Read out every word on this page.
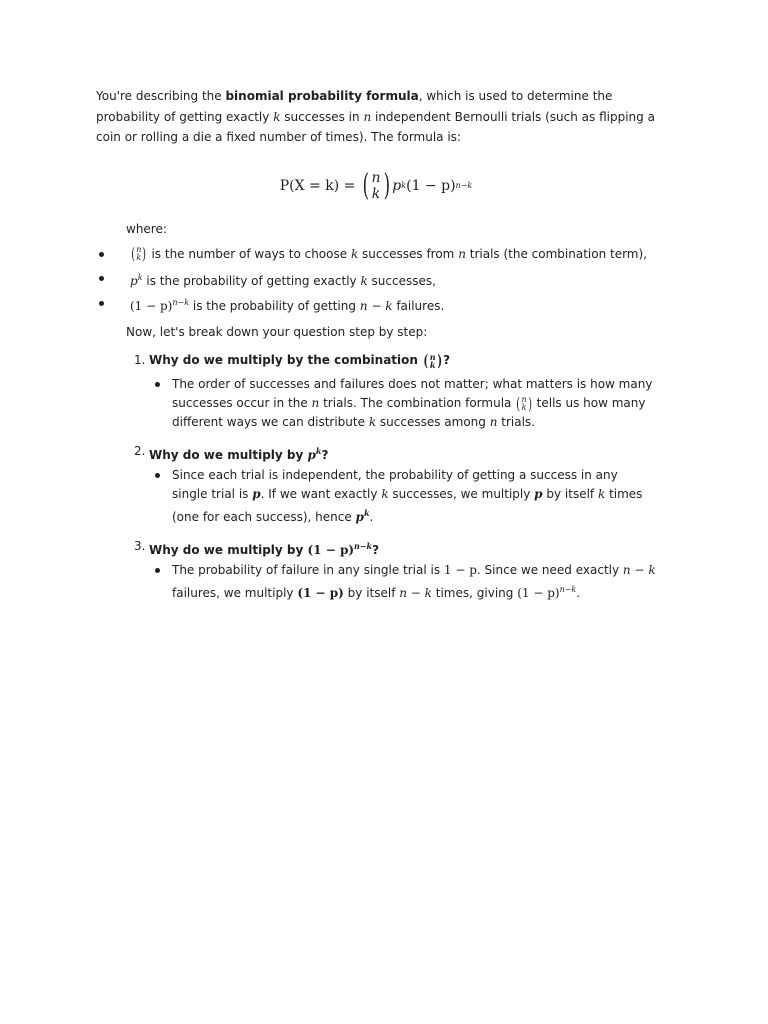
You're describing the binomial probability formula, which is used to determine the probability of getting exactly k successes in n independent Bernoulli trials (such as flipping a coin or rolling a die a fixed number of times). The formula is:

P(X = k) =
( n
k ) p k (1 − p) n−k
where:
( n
k ) is the number of ways to choose k successes from n trials (the combination term),
$p^k$ is the probability of getting exactly k successes,
$(1 - p)^{n-k}$ is the probability of getting n − k failures.
Now, let's break down your question step by step:
1. Why do we multiply by the combination ( n
k ) ?
The order of successes and failures does not matter; what matters is how many successes occur in the n trials. The combination formula ( n
k ) tells us how many different ways we can distribute k successes among n trials.
2. Why do we multiply by $p^k$?
Since each trial is independent, the probability of getting a success in any single trial is p. If we want exactly k successes, we multiply p by itself k times (one for each success), hence $p^k$.
3. Why do we multiply by $(1 - p)^{n-k}$?
The probability of failure in any single trial is 1 − p. Since we need exactly n − k failures, we multiply (1 − p) by itself n − k times, giving $(1 - p)^{n-k}$.
